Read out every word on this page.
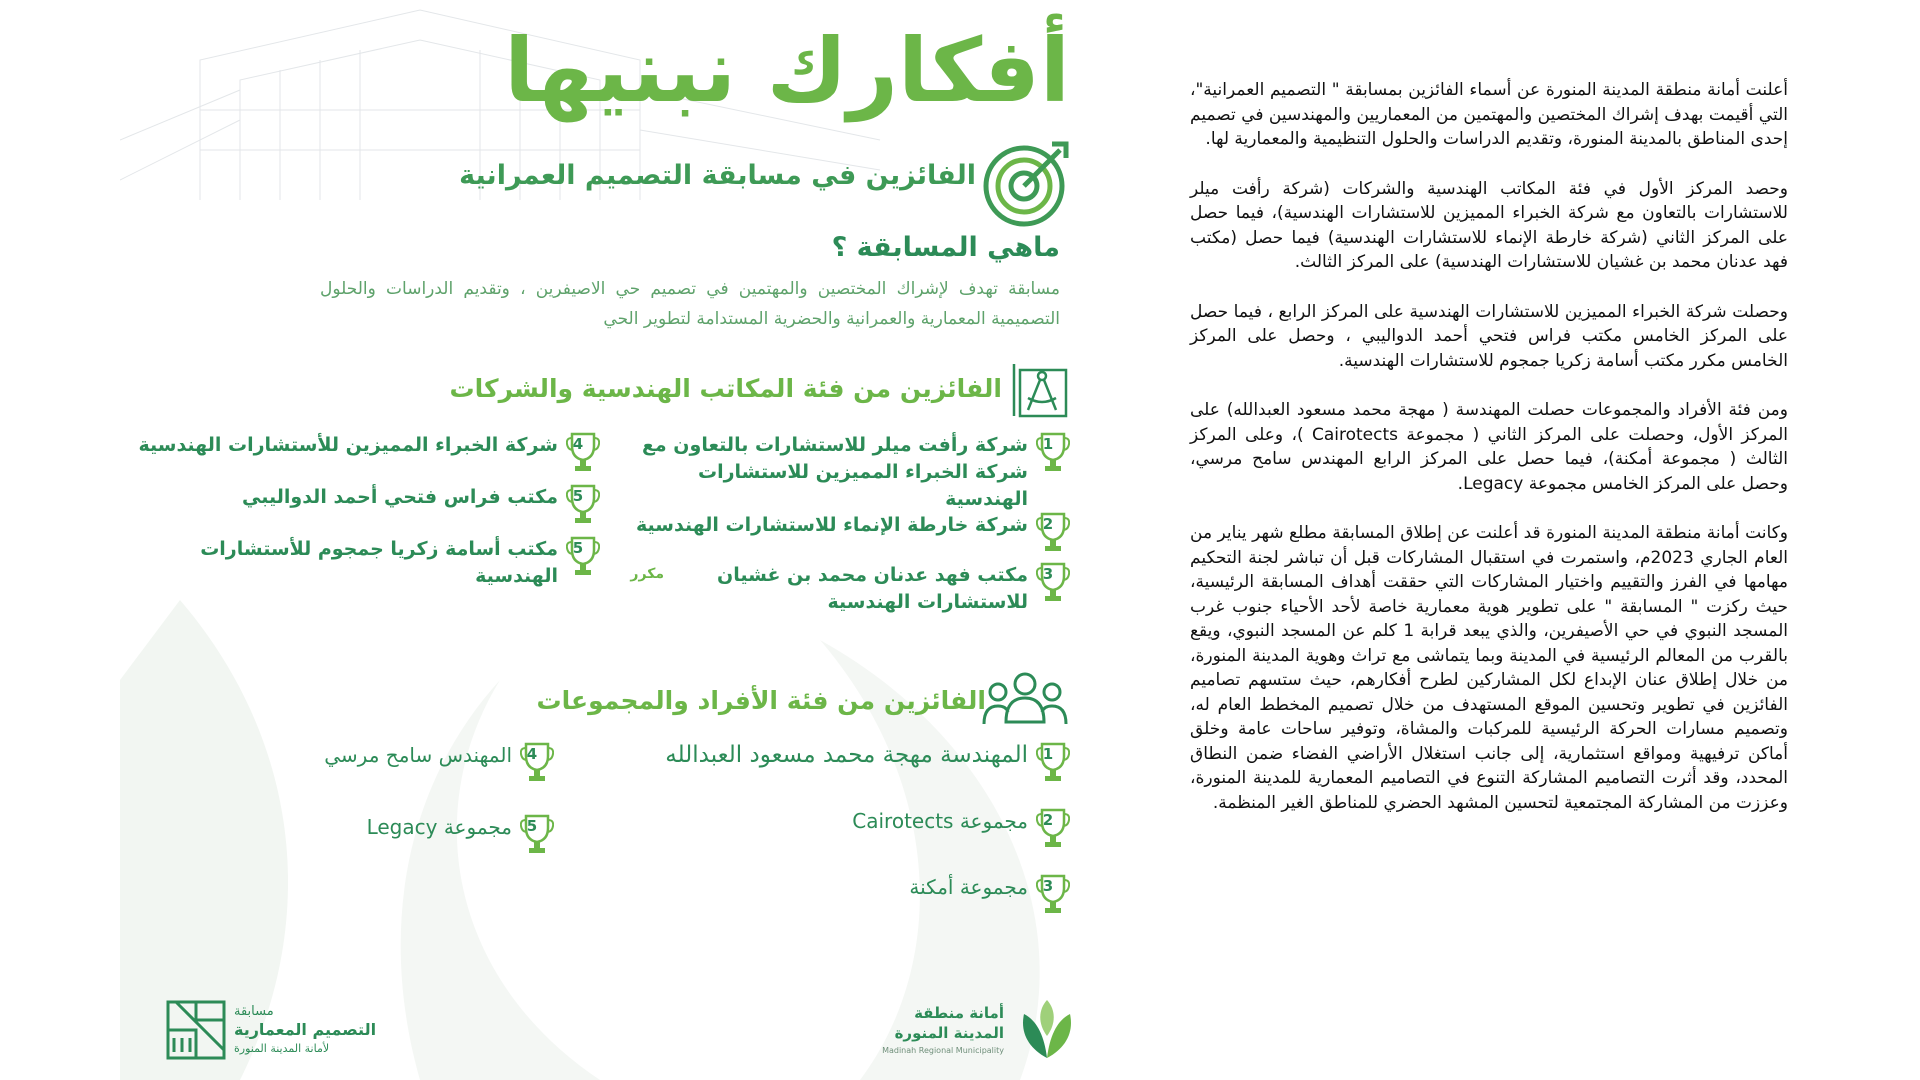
أفكارك نبنيها
الفائزين في مسابقة التصميم العمرانية
ماهي المسابقة ؟
مسابقة تهدف لإشراك المختصين والمهتمين في تصميم حي الاصيفرين ، وتقديم الدراسات والحلول التصميمية المعمارية والعمرانية والحضرية المستدامة لتطوير الحي
الفائزين من فئة المكاتب الهندسية والشركات
1
شركة رأفت ميلر للاستشارات بالتعاون مع شركة الخبراء المميزين للاستشارات الهندسية
2
شركة خارطة الإنماء للاستشارات الهندسية
3
مكتب فهد عدنان محمد بن غشيان للاستشارات الهندسية
4
شركة الخبراء المميزين للأستشارات الهندسية
5
مكتب فراس فتحي أحمد الدواليبي
5
مكتب أسامة زكريا جمجوم للأستشارات الهندسية	مكرر
الفائزين من فئة الأفراد والمجموعات
1
المهندسة مهجة محمد مسعود العبدالله
2
مجموعة Cairotects
3
مجموعة أمكنة
4
المهندس سامح مرسي
5
مجموعة Legacy
مسابقة
التصميم المعمارية
لأمانة المدينة المنورة
أمانة منطقة
المدينة المنورة
Madinah Regional Municipality

أعلنت أمانة منطقة المدينة المنورة عن أسماء الفائزين بمسابقة " التصميم العمرانية"، التي أقيمت بهدف إشراك المختصين والمهتمين من المعماريين والمهندسين في تصميم إحدى المناطق بالمدينة المنورة، وتقديم الدراسات والحلول التنظيمية والمعمارية لها.

وحصد المركز الأول في فئة المكاتب الهندسية والشركات (شركة رأفت ميلر للاستشارات بالتعاون مع شركة الخبراء المميزين للاستشارات الهندسية)، فيما حصل على المركز الثاني (شركة خارطة الإنماء للاستشارات الهندسية) فيما حصل (مكتب فهد عدنان محمد بن غشيان للاستشارات الهندسية) على المركز الثالث.

وحصلت شركة الخبراء المميزين للاستشارات الهندسية على المركز الرابع ، فيما حصل على المركز الخامس مكتب فراس فتحي أحمد الدواليبي ، وحصل على المركز الخامس مكرر مكتب أسامة زكريا جمجوم للاستشارات الهندسية.

ومن فئة الأفراد والمجموعات حصلت المهندسة ( مهجة محمد مسعود العبدالله) على المركز الأول، وحصلت على المركز الثاني ( مجموعة Cairotects )، وعلى المركز الثالث ( مجموعة أمكنة)، فيما حصل على المركز الرابع المهندس سامح مرسي، وحصل على المركز الخامس مجموعة Legacy.

وكانت أمانة منطقة المدينة المنورة قد أعلنت عن إطلاق المسابقة مطلع شهر يناير من العام الجاري 2023م، واستمرت في استقبال المشاركات قبل أن تباشر لجنة التحكيم مهامها في الفرز والتقييم واختيار المشاركات التي حققت أهداف المسابقة الرئيسية، حيث ركزت " المسابقة " على تطوير هوية معمارية خاصة لأحد الأحياء جنوب غرب المسجد النبوي في حي الأصيفرين، والذي يبعد قرابة 1 كلم عن المسجد النبوي، ويقع بالقرب من المعالم الرئيسية في المدينة وبما يتماشى مع تراث وهوية المدينة المنورة، من خلال إطلاق عنان الإبداع لكل المشاركين لطرح أفكارهم، حيث ستسهم تصاميم الفائزين في تطوير وتحسين الموقع المستهدف من خلال تصميم المخطط العام له، وتصميم مسارات الحركة الرئيسية للمركبات والمشاة، وتوفير ساحات عامة وخلق أماكن ترفيهية ومواقع استثمارية، إلى جانب استغلال الأراضي الفضاء ضمن النطاق المحدد، وقد أثرت التصاميم المشاركة التنوع في التصاميم المعمارية للمدينة المنورة، وعززت من المشاركة المجتمعية لتحسين المشهد الحضري للمناطق الغير المنظمة.
